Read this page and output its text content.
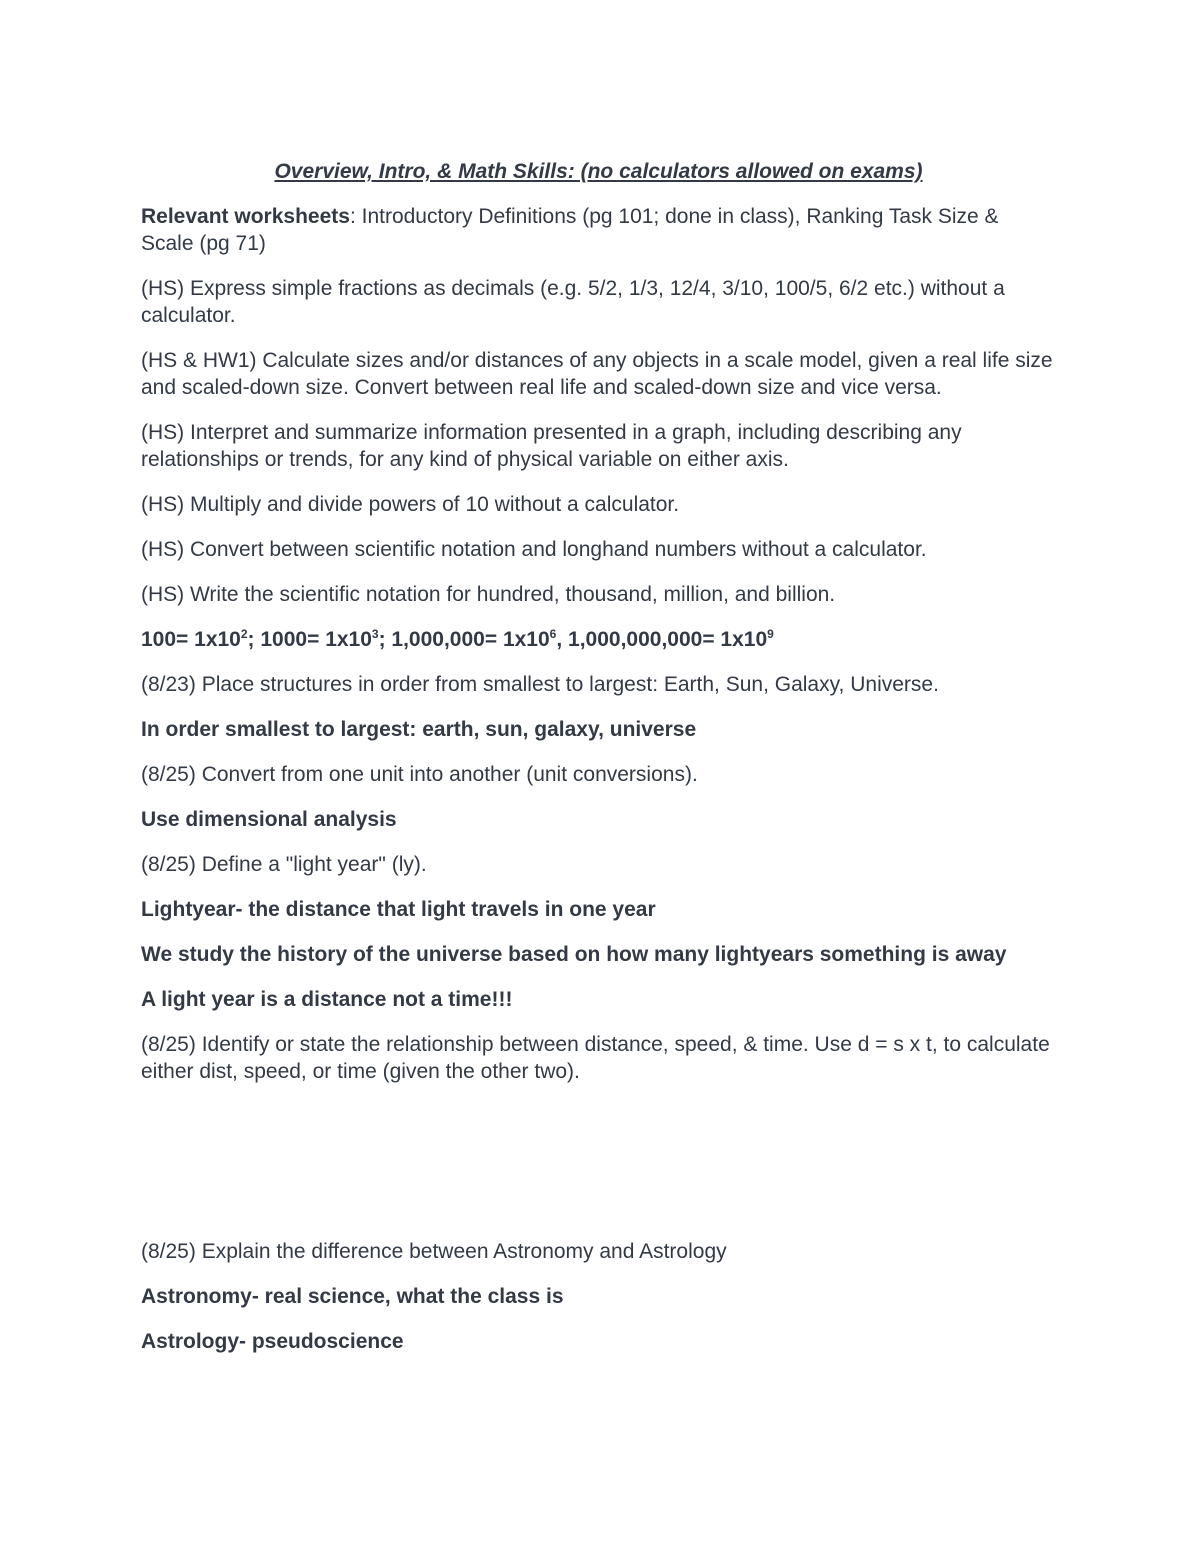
Overview, Intro, & Math Skills: (no calculators allowed on exams)

Relevant worksheets: Introductory Definitions (pg 101; done in class), Ranking Task Size & Scale (pg 71)

(HS) Express simple fractions as decimals (e.g. 5/2, 1/3, 12/4, 3/10, 100/5, 6/2 etc.) without a calculator.

(HS & HW1) Calculate sizes and/or distances of any objects in a scale model, given a real life size and scaled-down size. Convert between real life and scaled-down size and vice versa.

(HS) Interpret and summarize information presented in a graph, including describing any relationships or trends, for any kind of physical variable on either axis.

(HS) Multiply and divide powers of 10 without a calculator.

(HS) Convert between scientific notation and longhand numbers without a calculator.

(HS) Write the scientific notation for hundred, thousand, million, and billion.

$100= 1x10^2$; $1000= 1x10^3$; $1,000,000= 1x10^6$, $1,000,000,000= 1x10^9$

(8/23) Place structures in order from smallest to largest: Earth, Sun, Galaxy, Universe.

In order smallest to largest: earth, sun, galaxy, universe

(8/25) Convert from one unit into another (unit conversions).

Use dimensional analysis

(8/25) Define a "light year" (ly).

Lightyear- the distance that light travels in one year

We study the history of the universe based on how many lightyears something is away

A light year is a distance not a time!!!

(8/25) Identify or state the relationship between distance, speed, & time. Use d = s x t, to calculate either dist, speed, or time (given the other two).

(8/25) Explain the difference between Astronomy and Astrology

Astronomy- real science, what the class is

Astrology- pseudoscience
